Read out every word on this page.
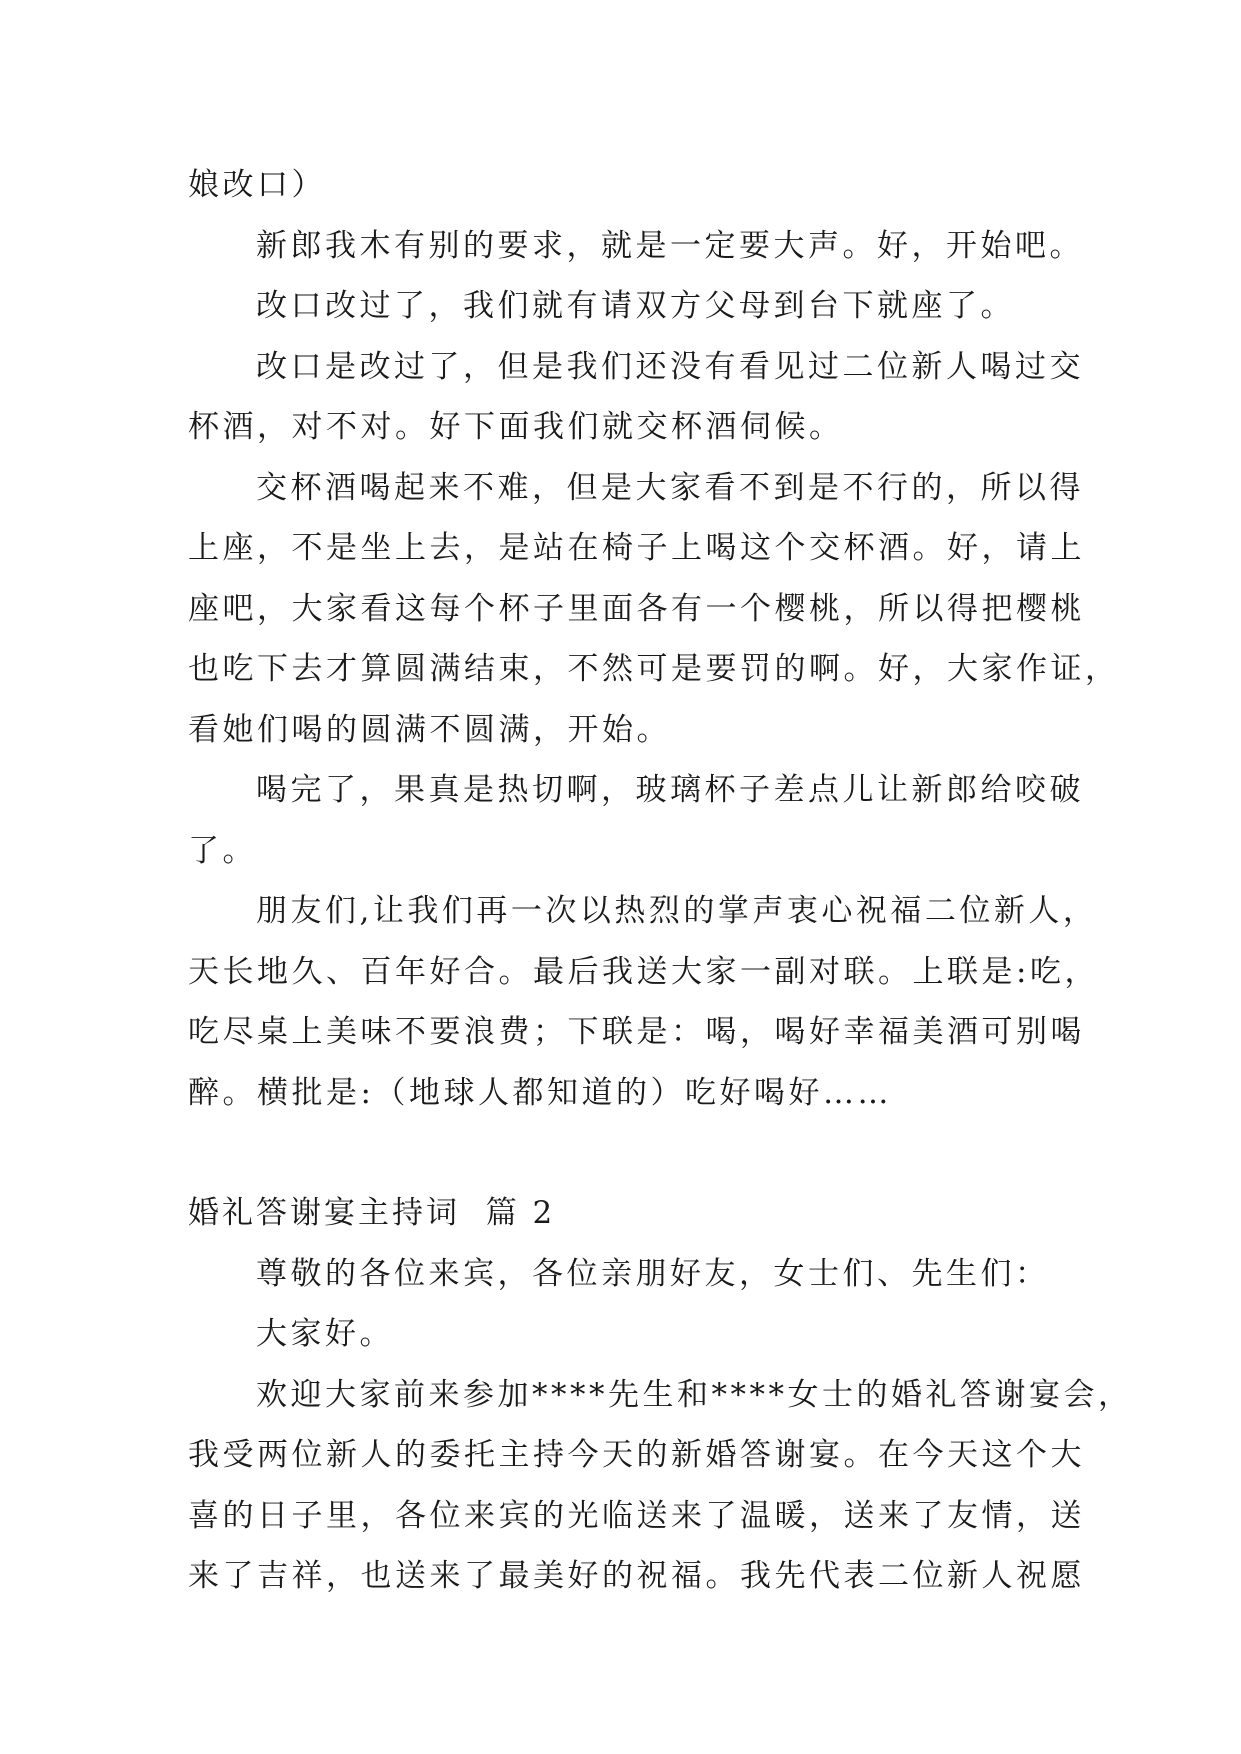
娘改口）
新郎我木有别的要求，就是一定要大声。好，开始吧。
改口改过了，我们就有请双方父母到台下就座了。
改口是改过了，但是我们还没有看见过二位新人喝过交
杯酒，对不对。好下面我们就交杯酒伺候。
交杯酒喝起来不难，但是大家看不到是不行的，所以得
上座，不是坐上去，是站在椅子上喝这个交杯酒。好，请上
座吧，大家看这每个杯子里面各有一个樱桃，所以得把樱桃
也吃下去才算圆满结束，不然可是要罚的啊。好，大家作证，
看她们喝的圆满不圆满，开始。
喝完了，果真是热切啊，玻璃杯子差点儿让新郎给咬破
了。
朋友们,让我们再一次以热烈的掌声衷心祝福二位新人，
天长地久、百年好合。最后我送大家一副对联。上联是:吃，
吃尽桌上美味不要浪费；下联是：喝，喝好幸福美酒可别喝
醉。横批是:（地球人都知道的）吃好喝好……
婚礼答谢宴主持词  篇 2
尊敬的各位来宾，各位亲朋好友，女士们、先生们：
大家好。
欢迎大家前来参加****先生和****女士的婚礼答谢宴会，
我受两位新人的委托主持今天的新婚答谢宴。在今天这个大
喜的日子里，各位来宾的光临送来了温暖，送来了友情，送
来了吉祥，也送来了最美好的祝福。我先代表二位新人祝愿
